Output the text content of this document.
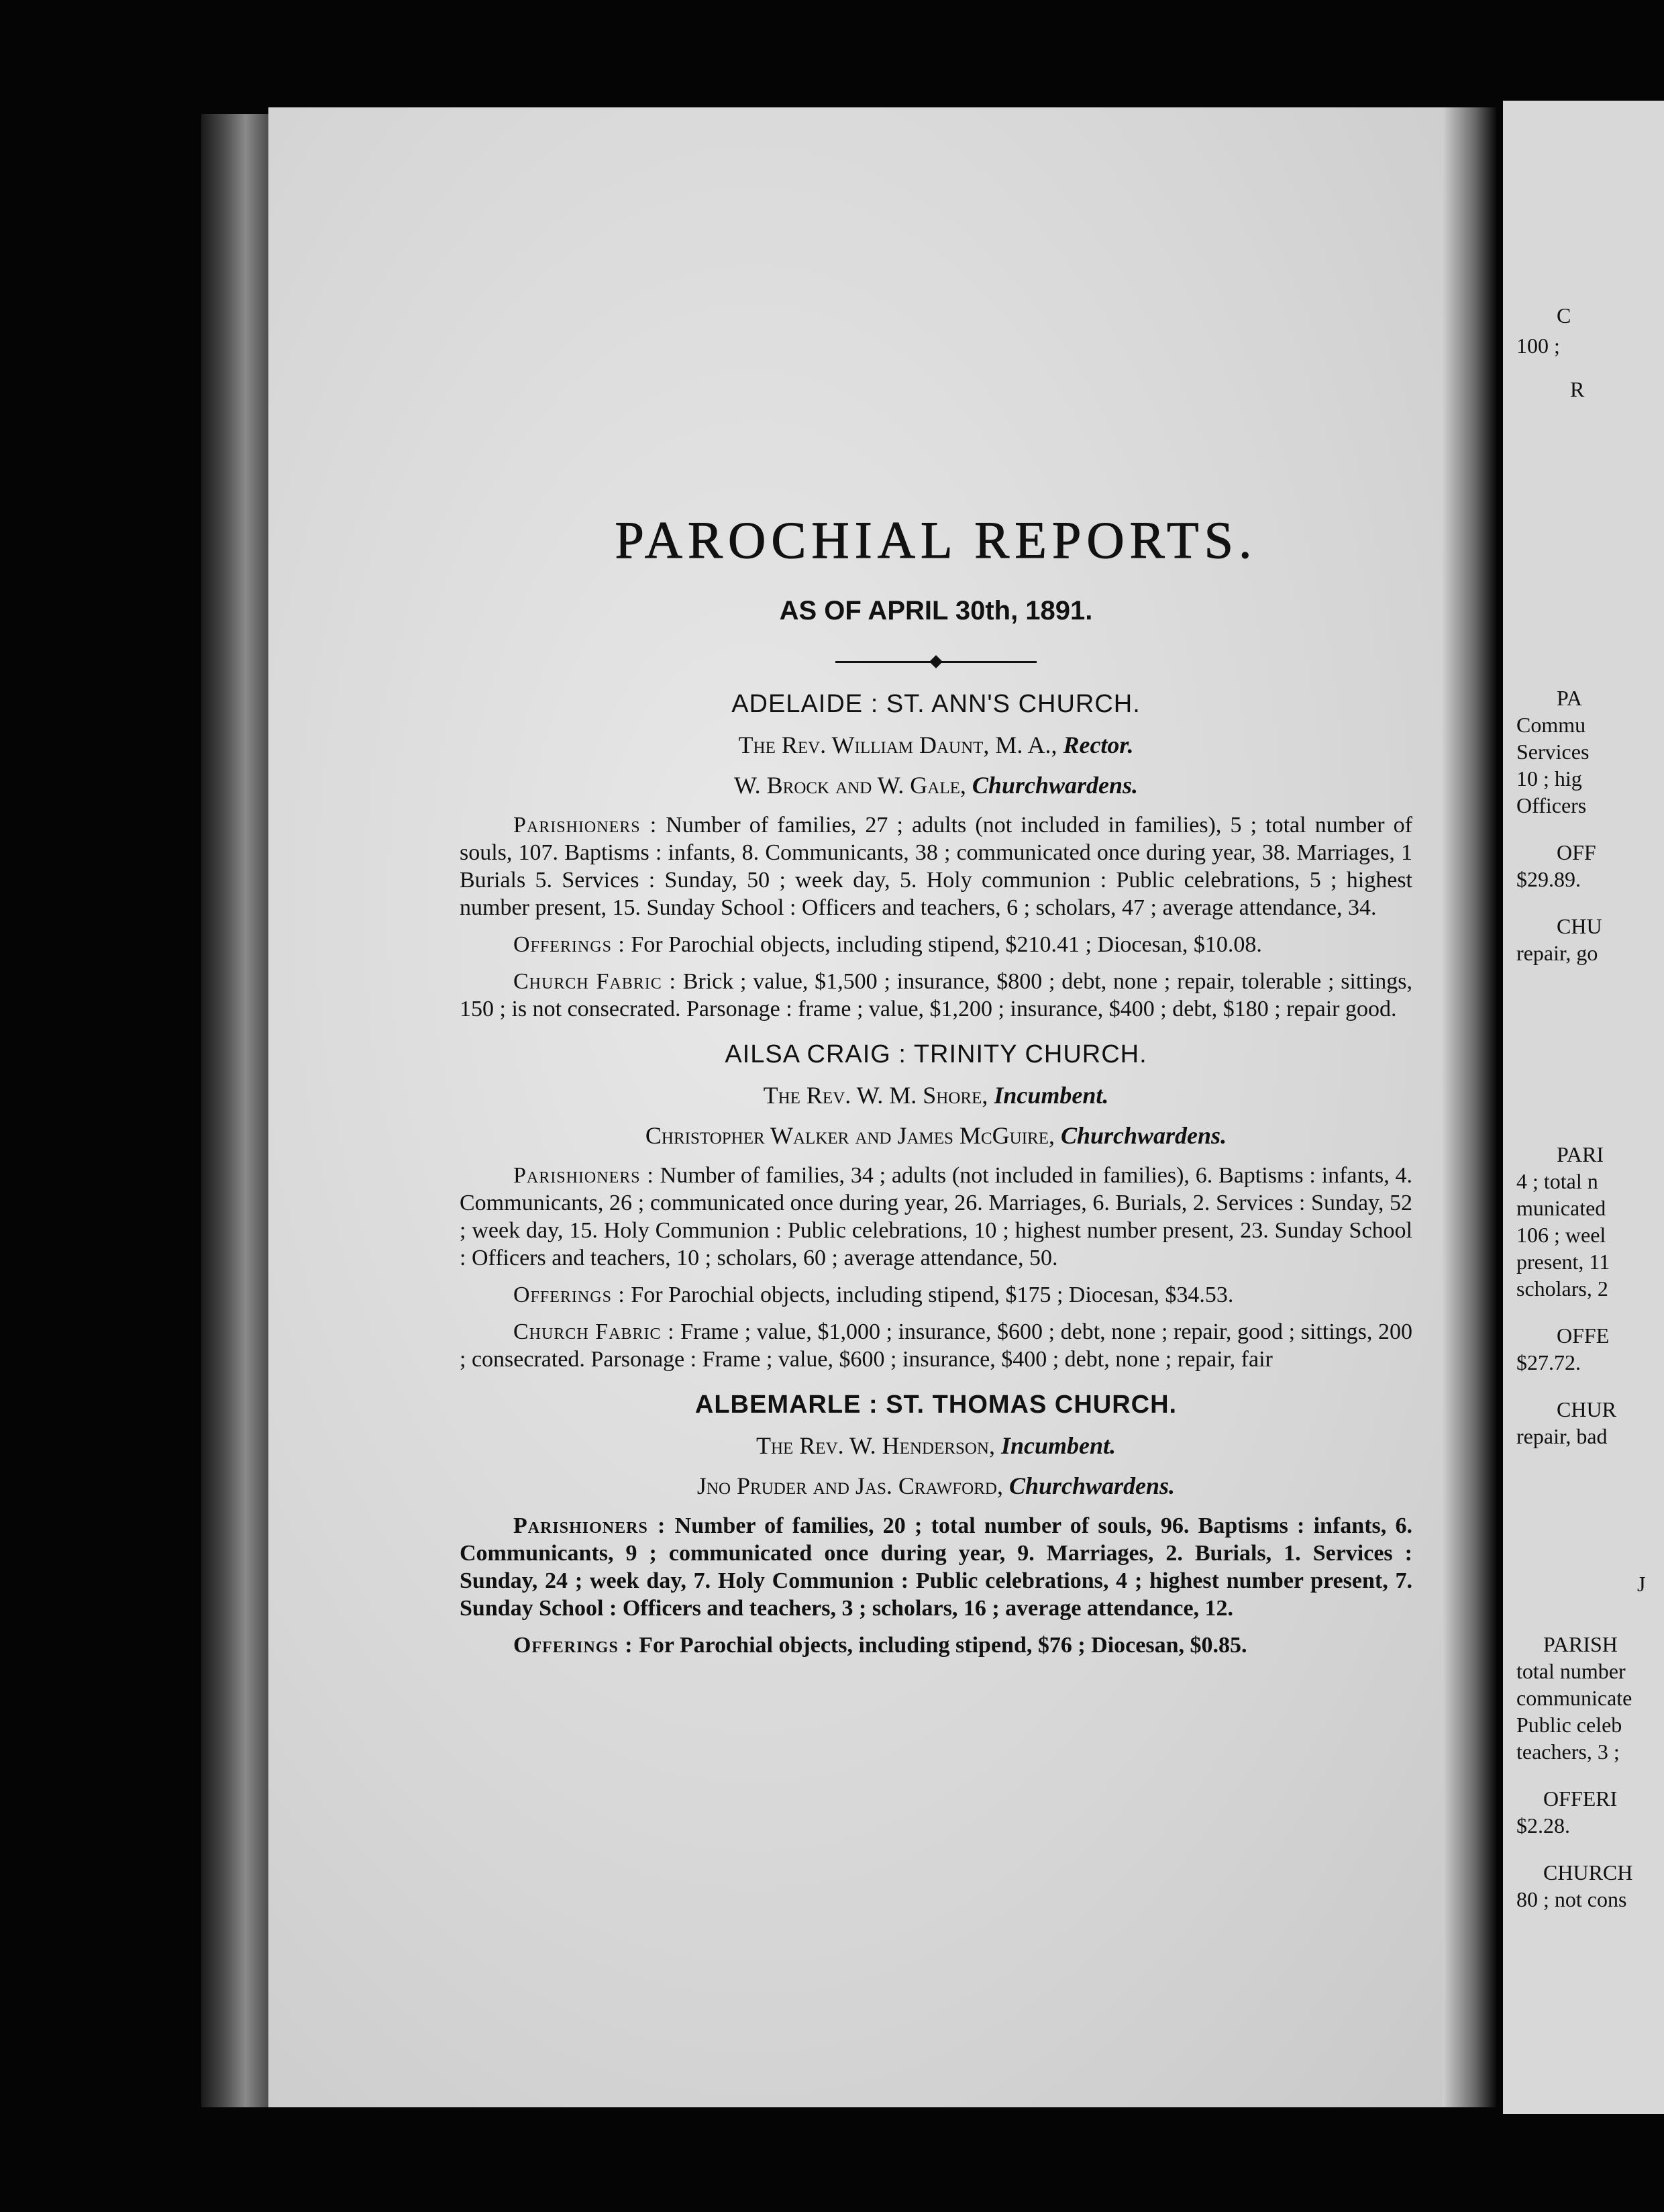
PAROCHIAL REPORTS.
AS OF APRIL 30th, 1891.
ADELAIDE : ST. ANN'S CHURCH.
The Rev. William Daunt, M. A., Rector.
W. Brock and W. Gale, Churchwardens.

Parishioners : Number of families, 27 ; adults (not included in families), 5 ; total number of souls, 107. Baptisms : infants, 8. Communicants, 38 ; communicated once during year, 38. Marriages, 1 Burials 5. Services : Sunday, 50 ; week day, 5. Holy communion : Public celebrations, 5 ; highest number present, 15. Sunday School : Officers and teachers, 6 ; scholars, 47 ; average attendance, 34.

Offerings : For Parochial objects, including stipend, $210.41 ; Diocesan, $10.08.

Church Fabric : Brick ; value, $1,500 ; insurance, $800 ; debt, none ; repair, tolerable ; sittings, 150 ; is not consecrated. Parsonage : frame ; value, $1,200 ; insurance, $400 ; debt, $180 ; repair good.

AILSA CRAIG : TRINITY CHURCH.
The Rev. W. M. Shore, Incumbent.
Christopher Walker and James McGuire, Churchwardens.

Parishioners : Number of families, 34 ; adults (not included in families), 6. Baptisms : infants, 4. Communicants, 26 ; communicated once during year, 26. Marriages, 6. Burials, 2. Services : Sunday, 52 ; week day, 15. Holy Communion : Public celebrations, 10 ; highest number present, 23. Sunday School : Officers and teachers, 10 ; scholars, 60 ; average attendance, 50.

Offerings : For Parochial objects, including stipend, $175 ; Diocesan, $34.53.

Church Fabric : Frame ; value, $1,000 ; insurance, $600 ; debt, none ; repair, good ; sittings, 200 ; consecrated. Parsonage : Frame ; value, $600 ; insurance, $400 ; debt, none ; repair, fair

ALBEMARLE : ST. THOMAS CHURCH.
The Rev. W. Henderson, Incumbent.
Jno Pruder and Jas. Crawford, Churchwardens.

Parishioners : Number of families, 20 ; total number of souls, 96. Baptisms : infants, 6. Communicants, 9 ; communicated once during year, 9. Marriages, 2. Burials, 1. Services : Sunday, 24 ; week day, 7. Holy Communion : Public celebrations, 4 ; highest number present, 7. Sunday School : Officers and teachers, 3 ; scholars, 16 ; average attendance, 12.

Offerings : For Parochial objects, including stipend, $76 ; Diocesan, $0.85.

C
100 ;
R
PA
Commu
Services
10 ; hig
Officers
OFF
$29.89.
CHU
repair, go
PARI
4 ; total n
municated
106 ; weel
present, 11
scholars, 2
OFFE
$27.72.
CHUR
repair, bad
J
PARISH
total number
communicate
Public celeb
teachers, 3 ;
OFFERI
$2.28.
CHURCH
80 ; not cons
